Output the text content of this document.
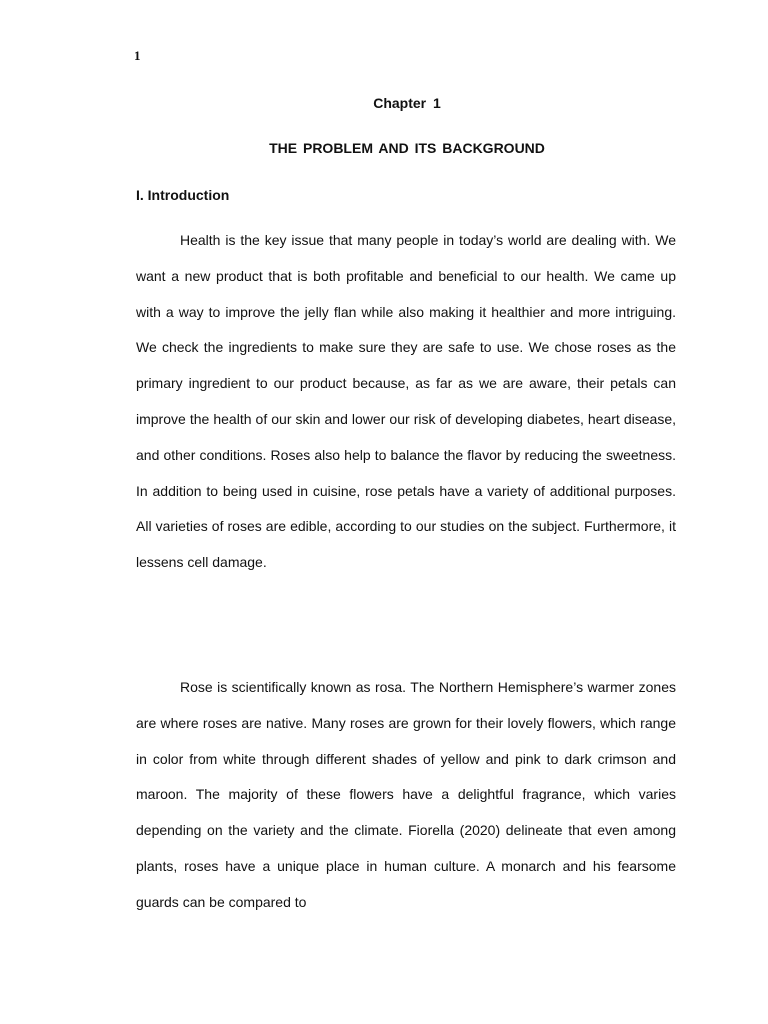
1
Chapter 1
THE PROBLEM AND ITS BACKGROUND
I. Introduction

Health is the key issue that many people in today’s world are dealing with. We want a new product that is both profitable and beneficial to our health. We came up with a way to improve the jelly flan while also making it healthier and more intriguing. We check the ingredients to make sure they are safe to use. We chose roses as the primary ingredient to our product because, as far as we are aware, their petals can improve the health of our skin and lower our risk of developing diabetes, heart disease, and other conditions. Roses also help to balance the flavor by reducing the sweetness. In addition to being used in cuisine, rose petals have a variety of additional purposes. All varieties of roses are edible, according to our studies on the subject. Furthermore, it lessens cell damage.

Rose is scientifically known as rosa. The Northern Hemisphere’s warmer zones are where roses are native. Many roses are grown for their lovely flowers, which range in color from white through different shades of yellow and pink to dark crimson and maroon. The majority of these flowers have a delightful fragrance, which varies depending on the variety and the climate. Fiorella (2020) delineate that even among plants, roses have a unique place in human culture. A monarch and his fearsome guards can be compared to
